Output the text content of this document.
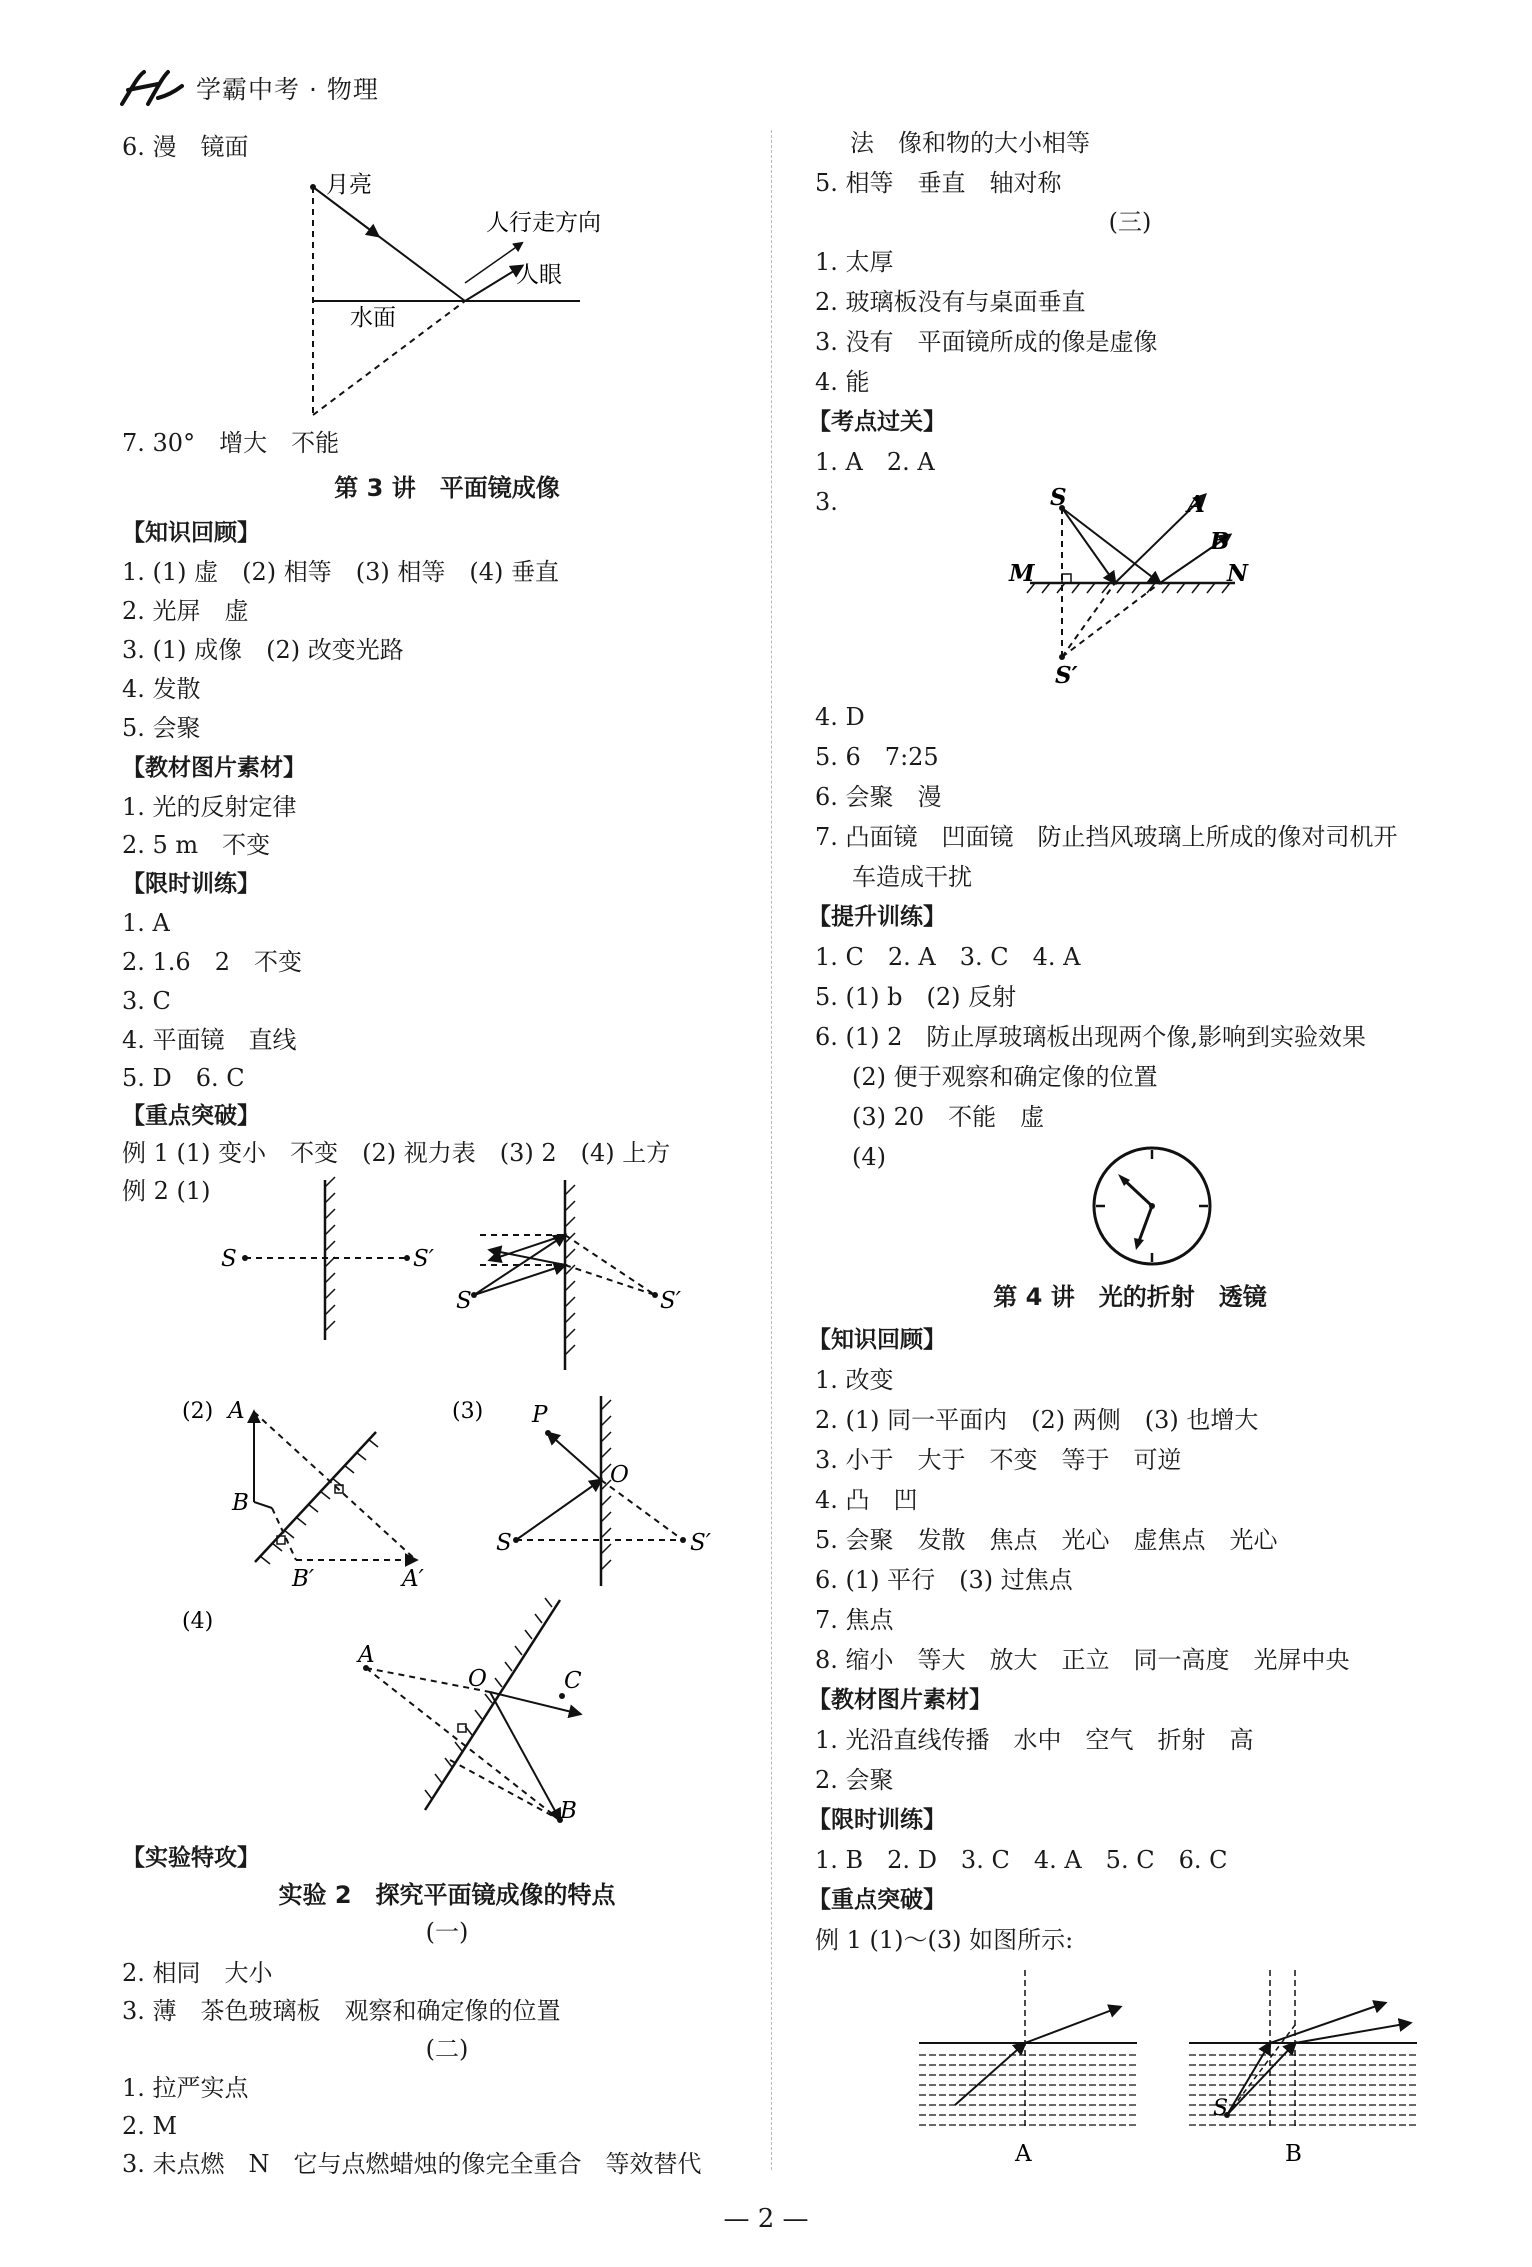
学霸中考 · 物理
6. 漫　镜面
月亮
人行走方向
人眼
水面
7. 30°　增大　不能
第 3 讲　平面镜成像
【知识回顾】
1. (1) 虚　(2) 相等　(3) 相等　(4) 垂直
2. 光屏　虚
3. (1) 成像　(2) 改变光路
4. 发散
5. 会聚
【教材图片素材】
1. 光的反射定律
2. 5 m　不变
【限时训练】
1. A
2. 1.6　2　不变
3. C
4. 平面镜　直线
5. D　6. C
【重点突破】
例 1 (1) 变小　不变　(2) 视力表　(3) 2　(4) 上方
例 2 (1)
S	S′
S	S′
(2) A
B
B′	A′
(3) P
O
S	S′
(4)
A
O	C
B
【实验特攻】
实验 2　探究平面镜成像的特点
(一)
2. 相同　大小
3. 薄　茶色玻璃板　观察和确定像的位置
(二)
1. 拉严实点
2. M
3. 未点燃　N　它与点燃蜡烛的像完全重合　等效替代
法　像和物的大小相等
5. 相等　垂直　轴对称
(三)
1. 太厚
2. 玻璃板没有与桌面垂直
3. 没有　平面镜所成的像是虚像
4. 能
【考点过关】
1. A　2. A
3.	S	A
B
M	N
S′
4. D
5. 6　7:25
6. 会聚　漫
7. 凸面镜　凹面镜　防止挡风玻璃上所成的像对司机开
车造成干扰
【提升训练】
1. C　2. A　3. C　4. A
5. (1) b　(2) 反射
6. (1) 2　防止厚玻璃板出现两个像,影响到实验效果
(2) 便于观察和确定像的位置
(3) 20　不能　虚
(4)
第 4 讲　光的折射　透镜
【知识回顾】
1. 改变
2. (1) 同一平面内　(2) 两侧　(3) 也增大
3. 小于　大于　不变　等于　可逆
4. 凸　凹
5. 会聚　发散　焦点　光心　虚焦点　光心
6. (1) 平行　(3) 过焦点
7. 焦点
8. 缩小　等大　放大　正立　同一高度　光屏中央
【教材图片素材】
1. 光沿直线传播　水中　空气　折射　高
2. 会聚
【限时训练】
1. B　2. D　3. C　4. A　5. C　6. C
【重点突破】
例 1 (1)～(3) 如图所示:
A
S
B
— 2 —
